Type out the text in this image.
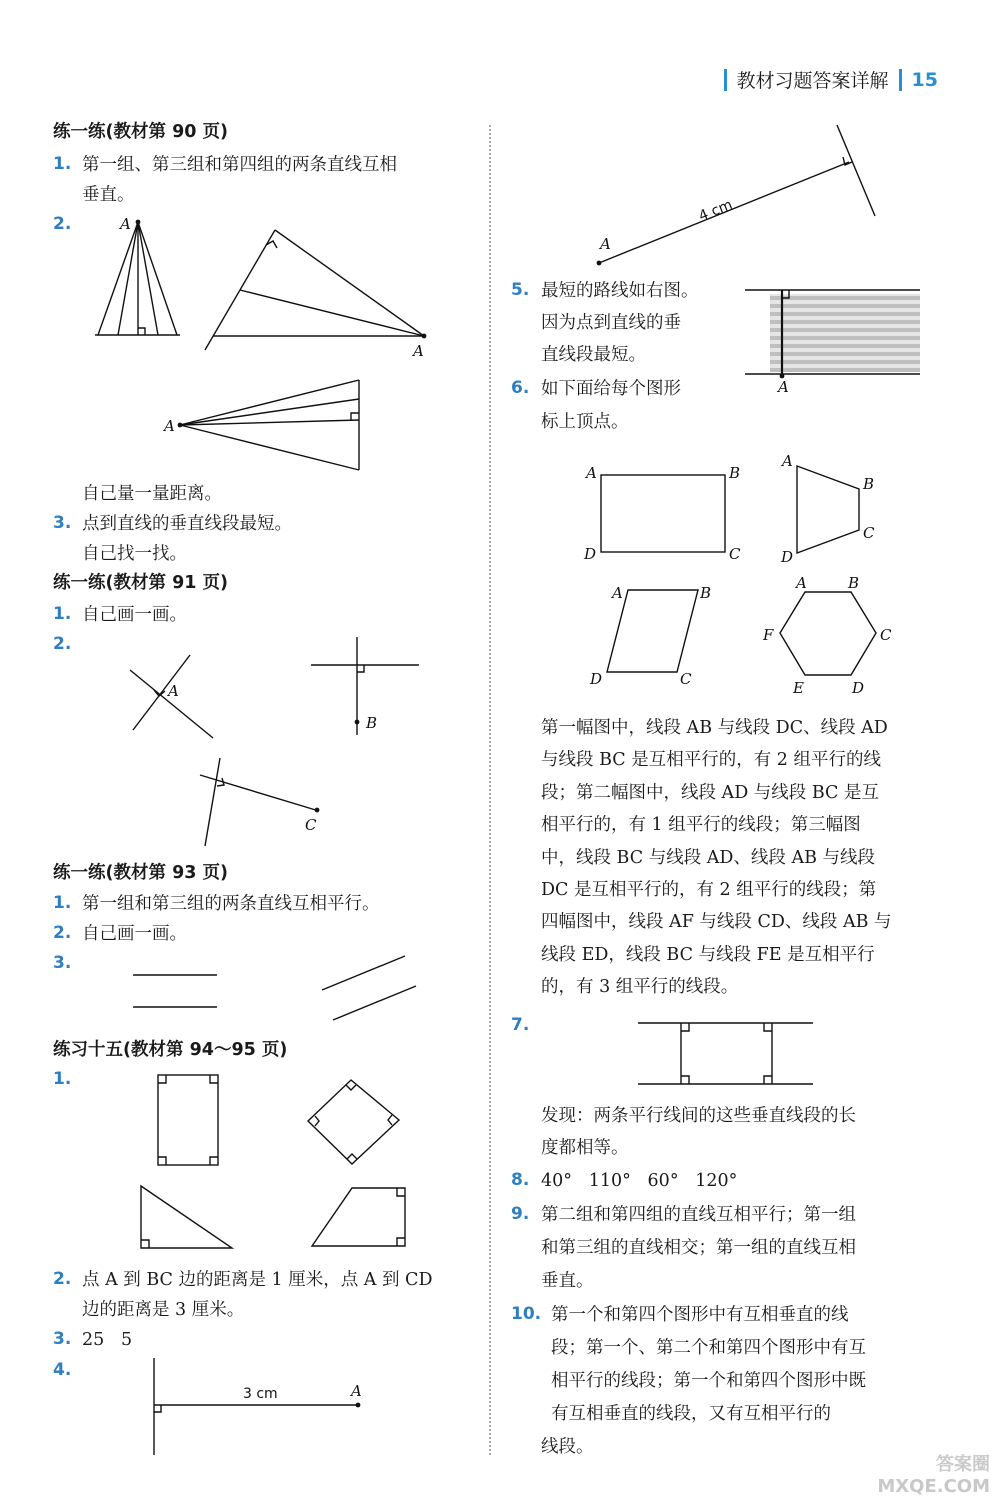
教材习题答案详解 15
练一练(教材第 90 页)
1. 第一组、第三组和第四组的两条直线互相
垂直。
2.
自己量一量距离。
3. 点到直线的垂直线段最短。
自己找一找。
练一练(教材第 91 页)
1. 自己画一画。
2.
练一练(教材第 93 页)
1. 第一组和第三组的两条直线互相平行。
2. 自己画一画。
3.
练习十五(教材第 94～95 页)
1.
2. 点 A 到 BC 边的距离是 1 厘米，点 A 到 CD
边的距离是 3 厘米。
3. 25   5
4.
5. 最短的路线如右图。
因为点到直线的垂
直线段最短。
6. 如下面给每个图形
标上顶点。
第一幅图中，线段 AB 与线段 DC、线段 AD
与线段 BC 是互相平行的，有 2 组平行的线
段；第二幅图中，线段 AD 与线段 BC 是互
相平行的，有 1 组平行的线段；第三幅图
中，线段 BC 与线段 AD、线段 AB 与线段
DC 是互相平行的，有 2 组平行的线段；第
四幅图中，线段 AF 与线段 CD、线段 AB 与
线段 ED，线段 BC 与线段 FE 是互相平行
的，有 3 组平行的线段。
7.
发现：两条平行线间的这些垂直线段的长
度都相等。
8. 40°   110°   60°   120°
9. 第二组和第四组的直线互相平行；第一组
和第三组的直线相交；第一组的直线互相
垂直。
10. 第一个和第四个图形中有互相垂直的线
段；第一个、第二个和第四个图形中有互
相平行的线段；第一个和第四个图形中既
有互相垂直的线段，又有互相平行的
线段。
A
A
A
A
B
C
3 cm	A
4 cm
A
A
A	B
D	C
A
B
C
D
A	B
D	C
A	B
C
D
E
F
答案圈
MXQE.COM
